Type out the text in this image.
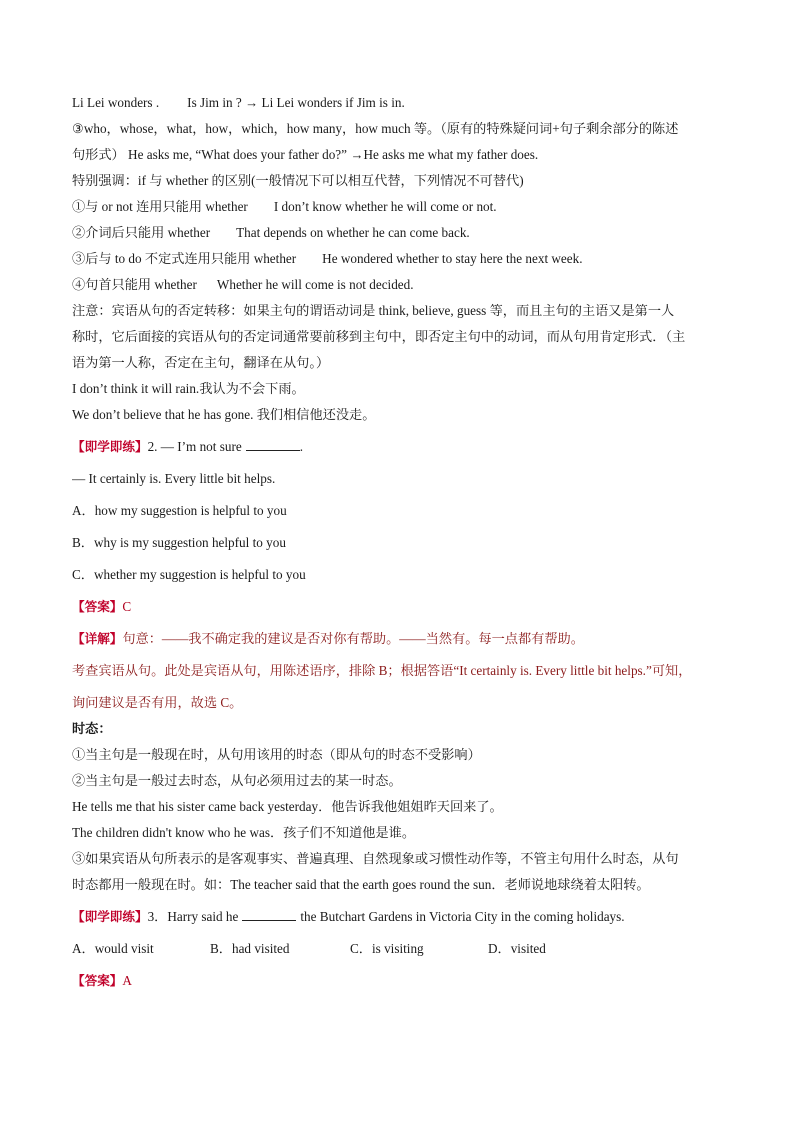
Li Lei wonders . Is Jim in ? → Li Lei wonders if Jim is in.
③who，whose，what，how，which，how many，how much 等。（原有的特殊疑问词+句子剩余部分的陈述
句形式） He asks me, “What does your father do?” →He asks me what my father does.
特别强调：if 与 whether 的区别(一般情况下可以相互代替，下列情况不可替代)
①与 or not 连用只能用 whether I don’t know whether he will come or not.
②介词后只能用 whether That depends on whether he can come back.
③后与 to do 不定式连用只能用 whether He wondered whether to stay here the next week.
④句首只能用 whether Whether he will come is not decided.
注意：宾语从句的否定转移：如果主句的谓语动词是 think, believe, guess 等，而且主句的主语又是第一人
称时，它后面接的宾语从句的否定词通常要前移到主句中，即否定主句中的动词，而从句用肯定形式．（主
语为第一人称，否定在主句，翻译在从句。）
I don’t think it will rain.我认为不会下雨。
We don’t believe that he has gone. 我们相信他还没走。
【即学即练】2. — I’m not sure	.
— It certainly is. Every little bit helps.
A．how my suggestion is helpful to you
B．why is my suggestion helpful to you
C．whether my suggestion is helpful to you
【答案】C
【详解】句意：——我不确定我的建议是否对你有帮助。——当然有。每一点都有帮助。
考查宾语从句。此处是宾语从句，用陈述语序，排除 B；根据答语“It certainly is. Every little bit helps.”可知，
询问建议是否有用，故选 C。
时态：
①当主句是一般现在时，从句用该用的时态（即从句的时态不受影响）
②当主句是一般过去时态，从句必须用过去的某一时态。
He tells me that his sister came back yesterday．他告诉我他姐姐昨天回来了。
The children didn't know who he was．孩子们不知道他是谁。
③如果宾语从句所表示的是客观事实、普遍真理、自然现象或习惯性动作等，不管主句用什么时态，从句
时态都用一般现在时。如：The teacher said that the earth goes round the sun．老师说地球绕着太阳转。
【即学即练】3．Harry said he	the Butchart Gardens in Victoria City in the coming holidays.
A．would visit	B．had visited	C．is visiting	D．visited
【答案】A
